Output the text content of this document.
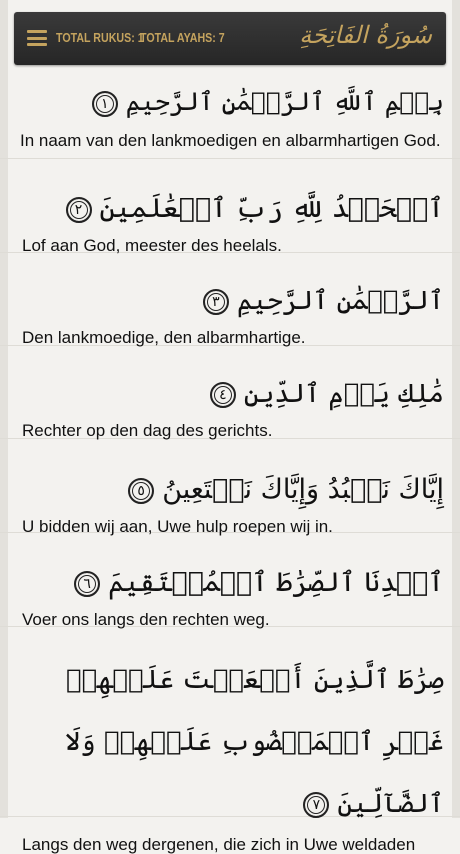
TOTAL RUKUS: 1
TOTAL AYAHS: 7	سُورَةُ الفَاتِحَةِ
بِسۡمِ ٱللَّهِ ٱلرَّحۡمَٰنِ ٱلرَّحِيمِ١
In naam van den lankmoedigen en albarmhartigen God.
ٱلۡحَمۡدُ لِلَّهِ رَبِّ ٱلۡعَٰلَمِينَ٢
Lof aan God, meester des heelals.
ٱلرَّحۡمَٰنِ ٱلرَّحِيمِ٣
Den lankmoedige, den albarmhartige.
مَٰلِكِ يَوۡمِ ٱلدِّينِ٤
Rechter op den dag des gerichts.
إِيَّاكَ نَعۡبُدُ وَإِيَّاكَ نَسۡتَعِينُ٥
U bidden wij aan, Uwe hulp roepen wij in.
ٱهۡدِنَا ٱلصِّرَٰطَ ٱلۡمُسۡتَقِيمَ٦
Voer ons langs den rechten weg.
صِرَٰطَ ٱلَّذِينَ أَنۡعَمۡتَ عَلَيۡهِمۡ غَيۡرِ ٱلۡمَغۡضُوبِ عَلَيۡهِمۡ وَلَا ٱلضَّآلِّينَ٧
Langs den weg dergenen, die zich in Uwe weldaden
